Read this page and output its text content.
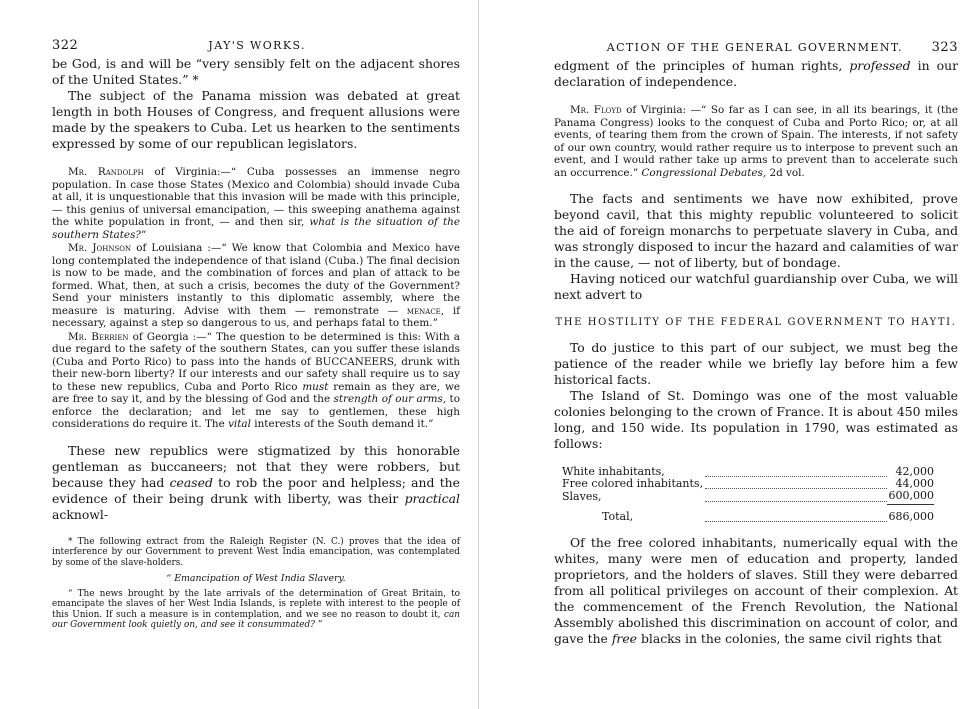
322	JAY'S WORKS.

be God, is and will be “very sensibly felt on the adjacent shores of the United States.” *

The subject of the Panama mission was debated at great length in both Houses of Congress, and frequent allusions were made by the speakers to Cuba. Let us hearken to the sentiments expressed by some of our republican legislators.

Mr. Randolph of Virginia:—“ Cuba possesses an immense negro population. In case those States (Mexico and Colombia) should invade Cuba at all, it is unquestionable that this invasion will be made with this principle, — this genius of universal emancipation, — this sweeping anathema against the white population in front, — and then sir, what is the situation of the southern States?”

Mr. Johnson of Louisiana :—“ We know that Colombia and Mexico have long contemplated the independence of that island (Cuba.) The final decision is now to be made, and the combination of forces and plan of attack to be formed. What, then, at such a crisis, becomes the duty of the Government? Send your ministers instantly to this diplomatic assembly, where the measure is maturing. Advise with them — remonstrate — menace, if necessary, against a step so dangerous to us, and perhaps fatal to them.”

Mr. Berrien of Georgia :—“ The question to be determined is this: With a due regard to the safety of the southern States, can you suffer these islands (Cuba and Porto Rico) to pass into the hands of BUCCANEERS, drunk with their new-born liberty? If our interests and our safety shall require us to say to these new republics, Cuba and Porto Rico must remain as they are, we are free to say it, and by the blessing of God and the strength of our arms, to enforce the declaration; and let me say to gentlemen, these high considerations do require it. The vital interests of the South demand it.”

These new republics were stigmatized by this honorable gentleman as buccaneers; not that they were robbers, but because they had ceased to rob the poor and helpless; and the evidence of their being drunk with liberty, was their practical acknowl-

* The following extract from the Raleigh Register (N. C.) proves that the idea of interference by our Government to prevent West India emancipation, was contemplated by some of the slave-holders.

“ Emancipation of West India Slavery.

“ The news brought by the late arrivals of the determination of Great Britain, to emancipate the slaves of her West India Islands, is replete with interest to the people of this Union. If such a measure is in contemplation, and we see no reason to doubt it, can our Government look quietly on, and see it consummated? ”

ACTION OF THE GENERAL GOVERNMENT. 323

edgment of the principles of human rights, professed in our declaration of independence.

Mr. Floyd of Virginia: —“ So far as I can see, in all its bearings, it (the Panama Congress) looks to the conquest of Cuba and Porto Rico; or, at all events, of tearing them from the crown of Spain. The interests, if not safety of our own country, would rather require us to interpose to prevent such an event, and I would rather take up arms to prevent than to accelerate such an occurrence.” Congressional Debates, 2d vol.

The facts and sentiments we have now exhibited, prove beyond cavil, that this mighty republic volunteered to solicit the aid of foreign monarchs to perpetuate slavery in Cuba, and was strongly disposed to incur the hazard and calamities of war in the cause, — not of liberty, but of bondage.

Having noticed our watchful guardianship over Cuba, we will next advert to

THE HOSTILITY OF THE FEDERAL GOVERNMENT TO HAYTI.

To do justice to this part of our subject, we must beg the patience of the reader while we briefly lay before him a few historical facts.

The Island of St. Domingo was one of the most valuable colonies belonging to the crown of France. It is about 450 miles long, and 150 wide. Its population in 1790, was estimated as follows:

White inhabitants,		42,000
Free colored inhabitants,		44,000
Slaves,		600,000
Total,		686,000

Of the free colored inhabitants, numerically equal with the whites, many were men of education and property, landed proprietors, and the holders of slaves. Still they were debarred from all political privileges on account of their complexion. At the commencement of the French Revolution, the National Assembly abolished this discrimination on account of color, and gave the free blacks in the colonies, the same civil rights that
